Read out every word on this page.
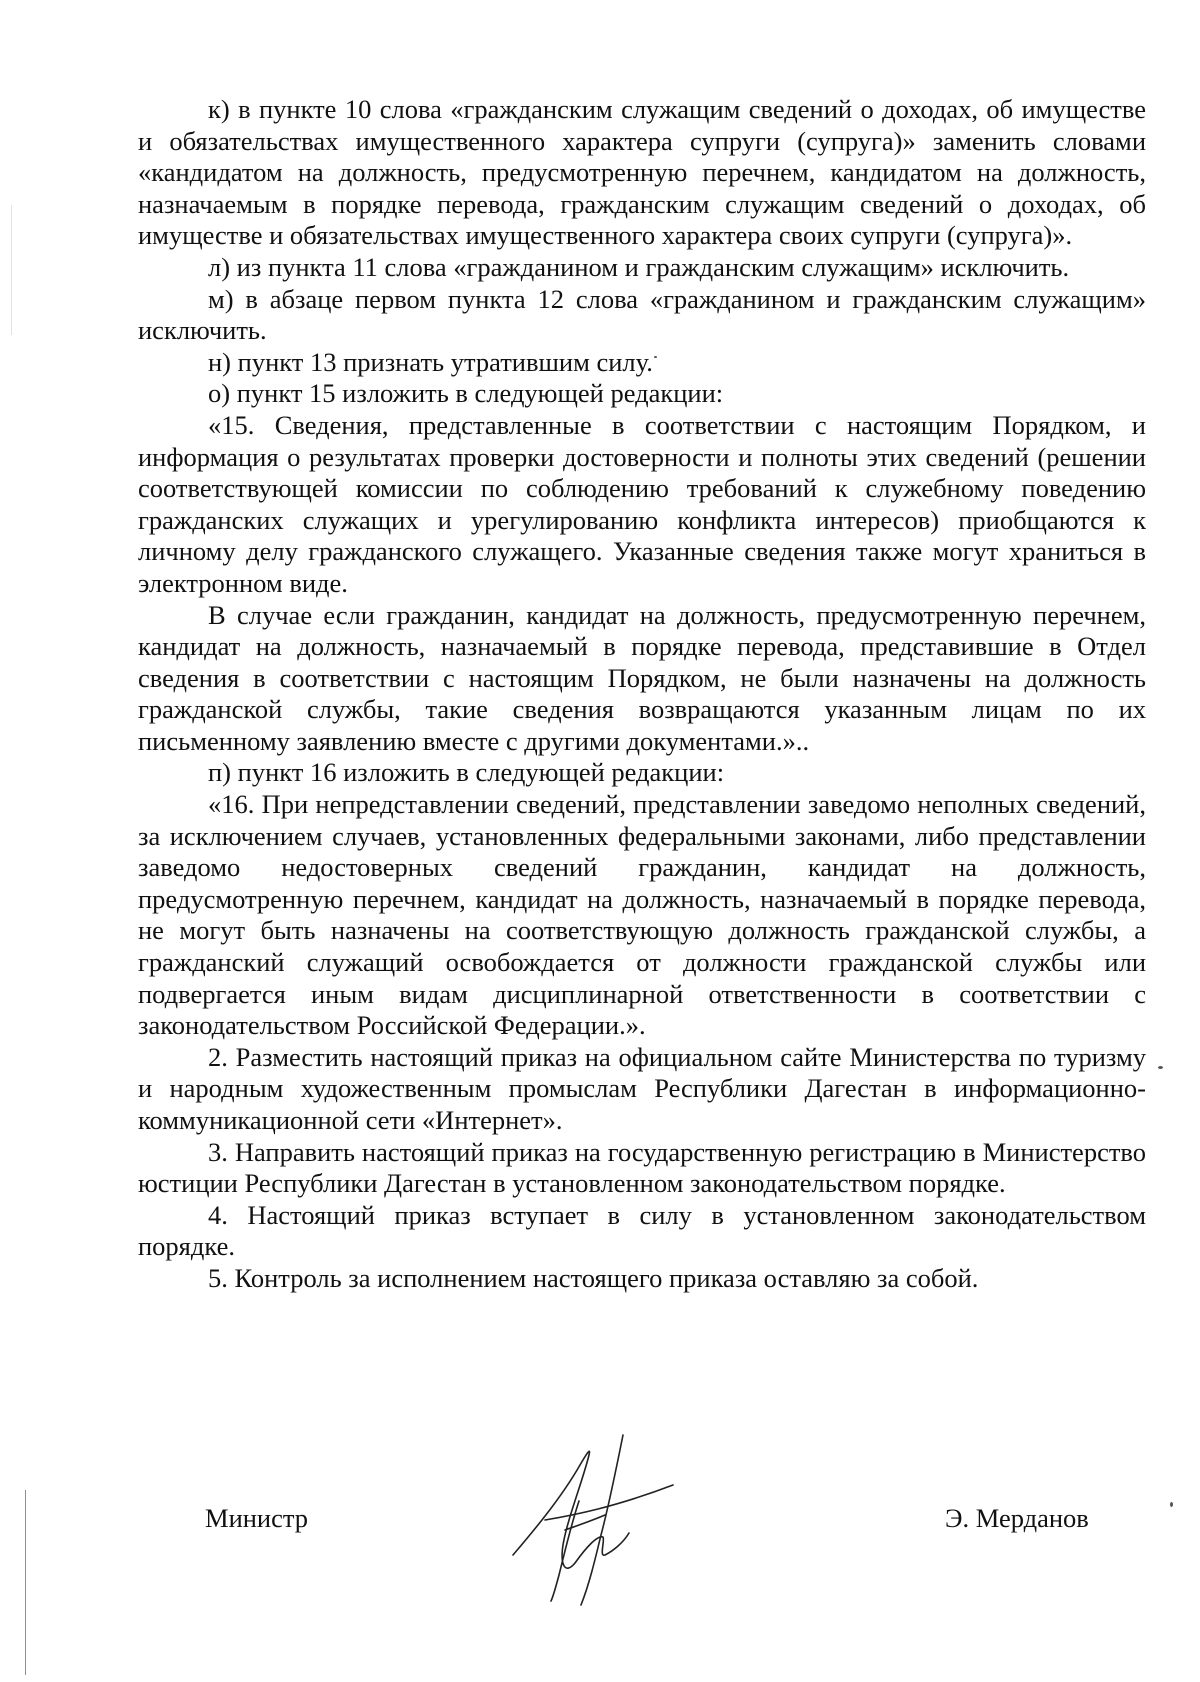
к) в пункте 10 слова «гражданским служащим сведений о доходах, об имуществе и обязательствах имущественного характера супруги (супруга)» заменить словами «кандидатом на должность, предусмотренную перечнем, кандидатом на должность, назначаемым в порядке перевода, гражданским служащим сведений о доходах, об имуществе и обязательствах имущественного характера своих супруги (супруга)».

л) из пункта 11 слова «гражданином и гражданским служащим» исключить.

м) в абзаце первом пункта 12 слова «гражданином и гражданским служащим» исключить.

н) пункт 13 признать утратившим силу.

о) пункт 15 изложить в следующей редакции:

«15. Сведения, представленные в соответствии с настоящим Порядком, и информация о результатах проверки достоверности и полноты этих сведений (решении соответствующей комиссии по соблюдению требований к служебному поведению гражданских служащих и урегулированию конфликта интересов) приобщаются к личному делу гражданского служащего. Указанные сведения также могут храниться в электронном виде.

В случае если гражданин, кандидат на должность, предусмотренную перечнем, кандидат на должность, назначаемый в порядке перевода, представившие в Отдел сведения в соответствии с настоящим Порядком, не были назначены на должность гражданской службы, такие сведения возвращаются указанным лицам по их письменному заявлению вместе с другими документами.»..

п) пункт 16 изложить в следующей редакции:

«16. При непредставлении сведений, представлении заведомо неполных сведений, за исключением случаев, установленных федеральными законами, либо представлении заведомо недостоверных сведений гражданин, кандидат на должность, предусмотренную перечнем, кандидат на должность, назначаемый в порядке перевода, не могут быть назначены на соответствующую должность гражданской службы, а гражданский служащий освобождается от должности гражданской службы или подвергается иным видам дисциплинарной ответственности в соответствии с законодательством Российской Федерации.».

2. Разместить настоящий приказ на официальном сайте Министерства по туризму и народным художественным промыслам Республики Дагестан в информационно-коммуникационной сети «Интернет».

3. Направить настоящий приказ на государственную регистрацию в Министерство юстиции Республики Дагестан в установленном законодательством порядке.

4. Настоящий приказ вступает в силу в установленном законодательством порядке.

5. Контроль за исполнением настоящего приказа оставляю за собой.

Министр	Э. Мерданов
